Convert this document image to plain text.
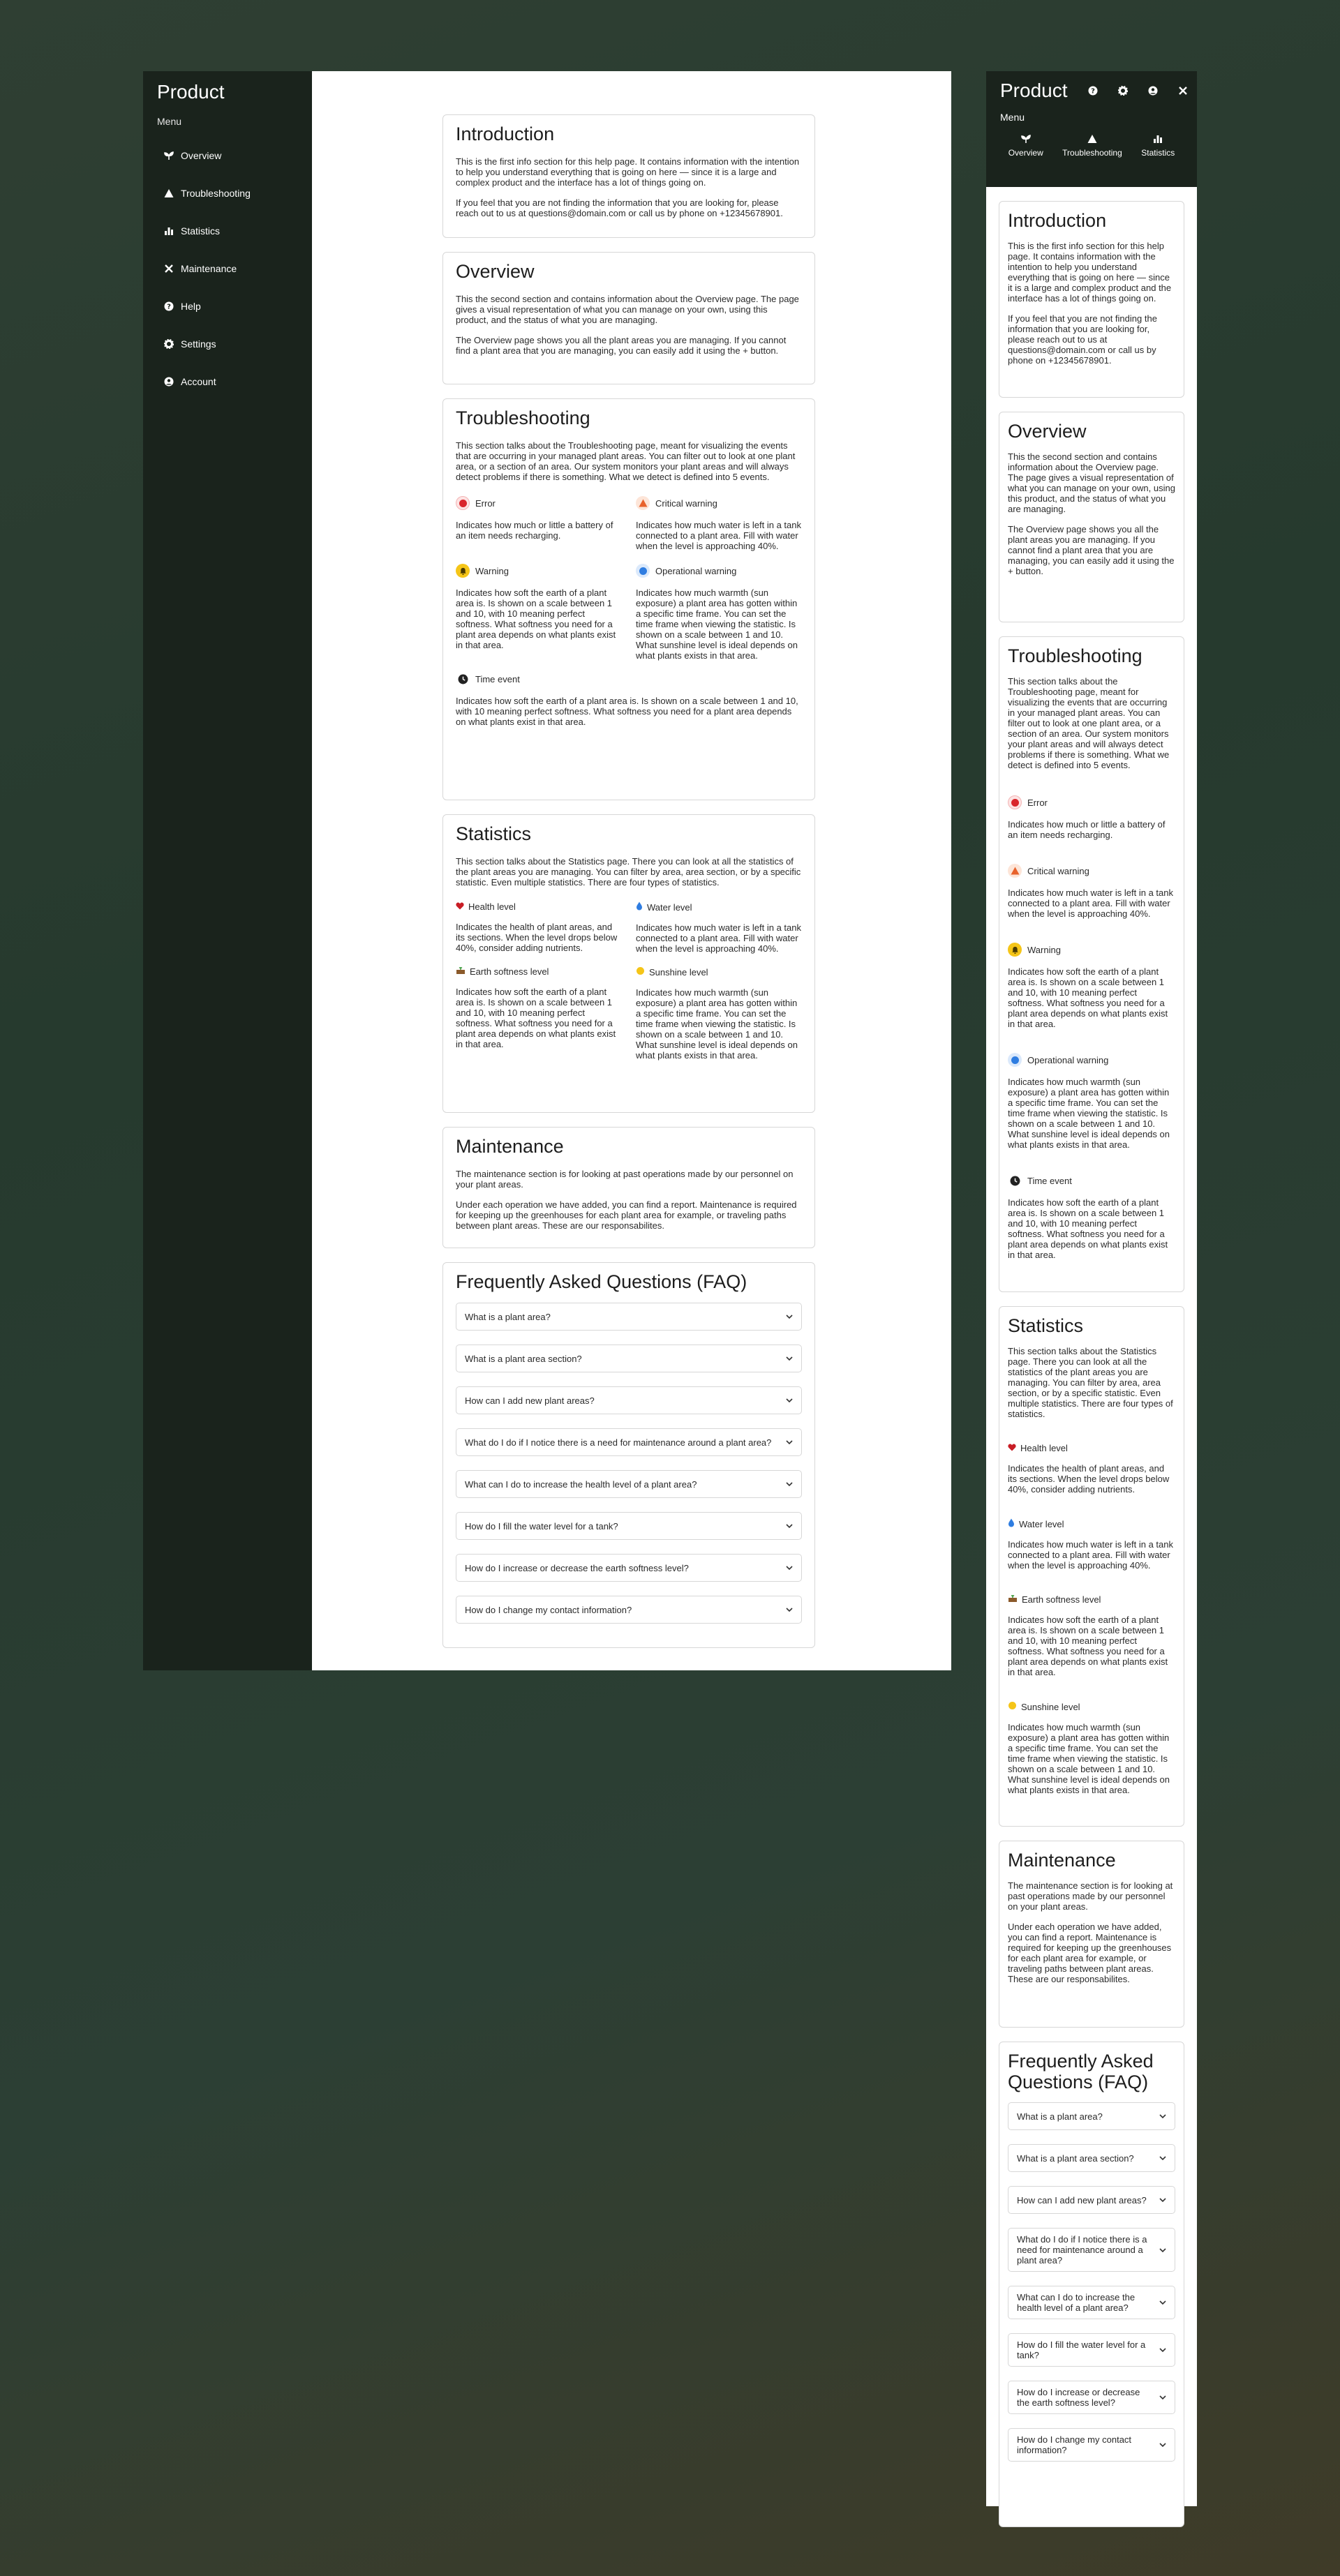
Product
Menu
Overview
Troubleshooting
Statistics
Maintenance
? Help
Settings
Account
Introduction

This is the first info section for this help page. It contains information with the intention to help you understand everything that is going on here — since it is a large and complex product and the interface has a lot of things going on.

If you feel that you are not finding the information that you are looking for, please reach out to us at questions@domain.com or call us by phone on +12345678901.

Overview

This the second section and contains information about the Overview page. The page gives a visual representation of what you can manage on your own, using this product, and the status of what you are managing.

The Overview page shows you all the plant areas you are managing. If you cannot find a plant area that you are managing, you can easily add it using the + button.

Troubleshooting

This section talks about the Troubleshooting page, meant for visualizing the events that are occurring in your managed plant areas. You can filter out to look at one plant area, or a section of an area. Our system monitors your plant areas and will always detect problems if there is something. What we detect is defined into 5 events.

Error

Indicates how much or little a battery of an item needs recharging.

Critical warning

Indicates how much water is left in a tank connected to a plant area. Fill with water when the level is approaching 40%.

Warning

Indicates how soft the earth of a plant area is. Is shown on a scale between 1 and 10, with 10 meaning perfect softness. What softness you need for a plant area depends on what plants exist in that area.

Operational warning

Indicates how much warmth (sun exposure) a plant area has gotten within a specific time frame. You can set the time frame when viewing the statistic. Is shown on a scale between 1 and 10. What sunshine level is ideal depends on what plants exists in that area.

Time event

Indicates how soft the earth of a plant area is. Is shown on a scale between 1 and 10, with 10 meaning perfect softness. What softness you need for a plant area depends on what plants exist in that area.

Statistics

This section talks about the Statistics page. There you can look at all the statistics of the plant areas you are managing. You can filter by area, area section, or by a specific statistic. Even multiple statistics. There are four types of statistics.

Health level

Indicates the health of plant areas, and its sections. When the level drops below 40%, consider adding nutrients.

Water level

Indicates how much water is left in a tank connected to a plant area. Fill with water when the level is approaching 40%.

Earth softness level

Indicates how soft the earth of a plant area is. Is shown on a scale between 1 and 10, with 10 meaning perfect softness. What softness you need for a plant area depends on what plants exist in that area.

Sunshine level

Indicates how much warmth (sun exposure) a plant area has gotten within a specific time frame. You can set the time frame when viewing the statistic. Is shown on a scale between 1 and 10. What sunshine level is ideal depends on what plants exists in that area.

Maintenance

The maintenance section is for looking at past operations made by our personnel on your plant areas.

Under each operation we have added, you can find a report. Maintenance is required for keeping up the greenhouses for each plant area for example, or traveling paths between plant areas. These are our responsabilites.

Frequently Asked Questions (FAQ)
What is a plant area?
What is a plant area section?
How can I add new plant areas?
What do I do if I notice there is a need for maintenance around a plant area?
What can I do to increase the health level of a plant area?
How do I fill the water level for a tank?
How do I increase or decrease the earth softness level?
How do I change my contact information?
Product	?
Menu
Overview Troubleshooting Statistics
Introduction

This is the first info section for this help page. It contains information with the intention to help you understand everything that is going on here — since it is a large and complex product and the interface has a lot of things going on.

If you feel that you are not finding the information that you are looking for, please reach out to us at questions@domain.com or call us by phone on +12345678901.

Overview

This the second section and contains information about the Overview page. The page gives a visual representation of what you can manage on your own, using this product, and the status of what you are managing.

The Overview page shows you all the plant areas you are managing. If you cannot find a plant area that you are managing, you can easily add it using the + button.

Troubleshooting

This section talks about the Troubleshooting page, meant for visualizing the events that are occurring in your managed plant areas. You can filter out to look at one plant area, or a section of an area. Our system monitors your plant areas and will always detect problems if there is something. What we detect is defined into 5 events.

Error

Indicates how much or little a battery of an item needs recharging.

Critical warning

Indicates how much water is left in a tank connected to a plant area. Fill with water when the level is approaching 40%.

Warning

Indicates how soft the earth of a plant area is. Is shown on a scale between 1 and 10, with 10 meaning perfect softness. What softness you need for a plant area depends on what plants exist in that area.

Operational warning

Indicates how much warmth (sun exposure) a plant area has gotten within a specific time frame. You can set the time frame when viewing the statistic. Is shown on a scale between 1 and 10. What sunshine level is ideal depends on what plants exists in that area.

Time event

Indicates how soft the earth of a plant area is. Is shown on a scale between 1 and 10, with 10 meaning perfect softness. What softness you need for a plant area depends on what plants exist in that area.

Statistics

This section talks about the Statistics page. There you can look at all the statistics of the plant areas you are managing. You can filter by area, area section, or by a specific statistic. Even multiple statistics. There are four types of statistics.

Health level

Indicates the health of plant areas, and its sections. When the level drops below 40%, consider adding nutrients.

Water level

Indicates how much water is left in a tank connected to a plant area. Fill with water when the level is approaching 40%.

Earth softness level

Indicates how soft the earth of a plant area is. Is shown on a scale between 1 and 10, with 10 meaning perfect softness. What softness you need for a plant area depends on what plants exist in that area.

Sunshine level

Indicates how much warmth (sun exposure) a plant area has gotten within a specific time frame. You can set the time frame when viewing the statistic. Is shown on a scale between 1 and 10. What sunshine level is ideal depends on what plants exists in that area.

Maintenance

The maintenance section is for looking at past operations made by our personnel on your plant areas.

Under each operation we have added, you can find a report. Maintenance is required for keeping up the greenhouses for each plant area for example, or traveling paths between plant areas. These are our responsabilites.

Frequently Asked Questions (FAQ)
What is a plant area?
What is a plant area section?
How can I add new plant areas?
What do I do if I notice there is a need for maintenance around a plant area?
What can I do to increase the health level of a plant area?
How do I fill the water level for a tank?
How do I increase or decrease the earth softness level?
How do I change my contact information?
